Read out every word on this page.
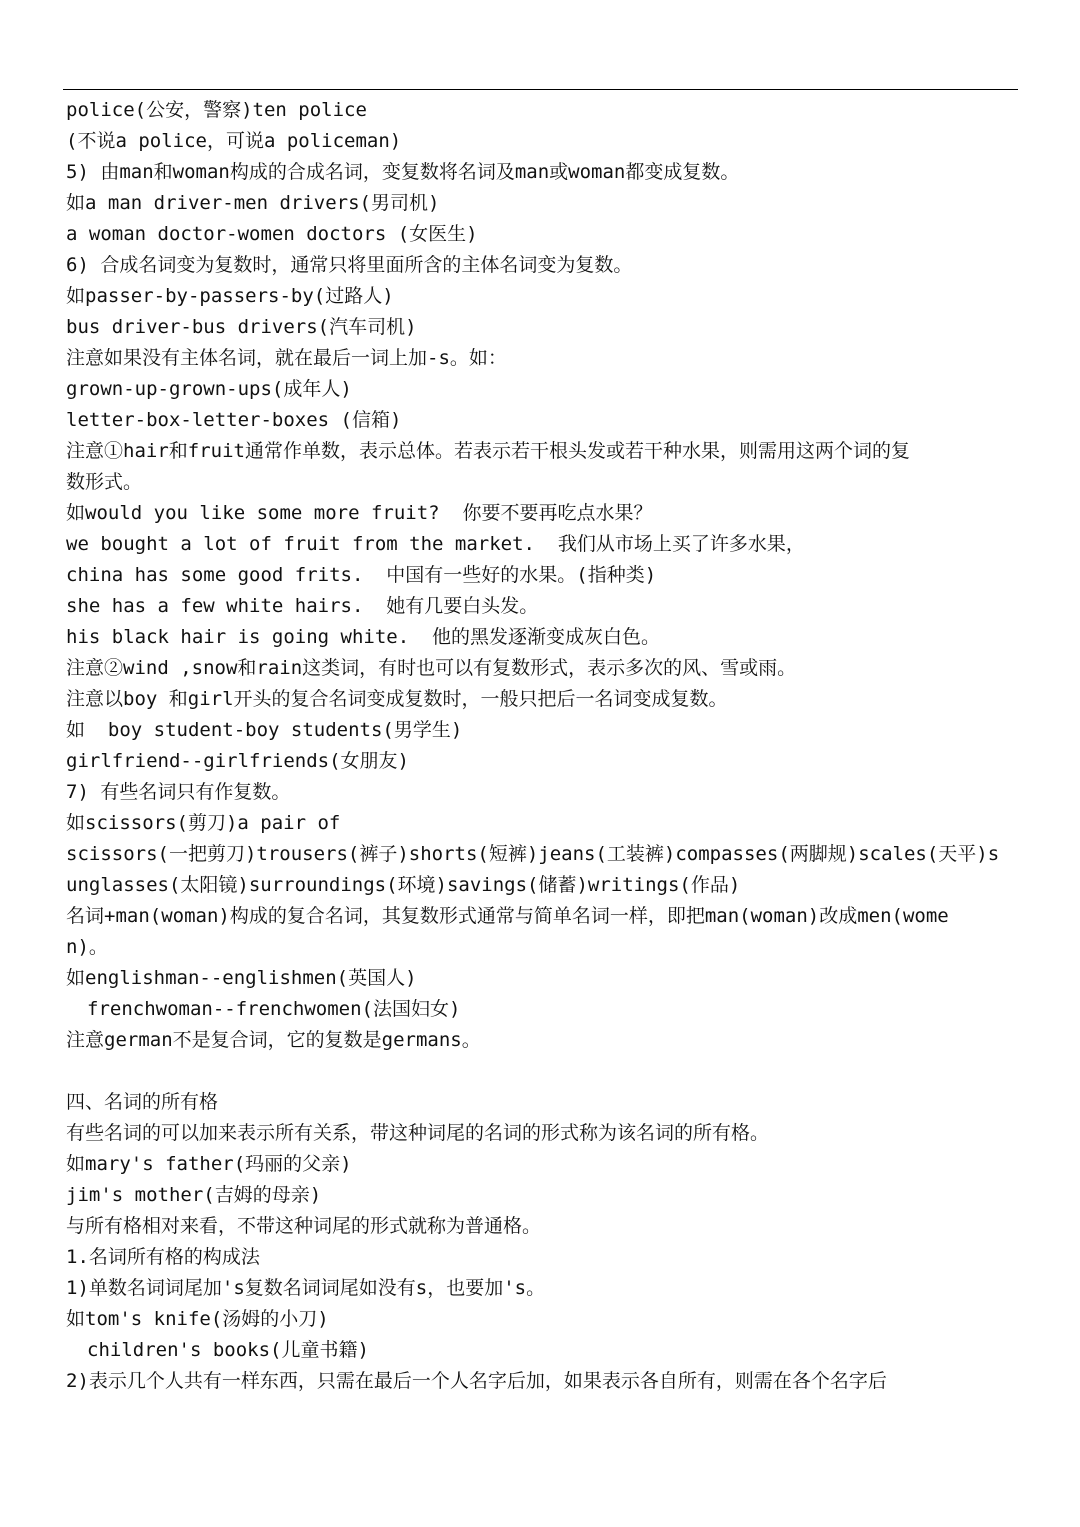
police(公安，警察)ten police
(不说a police，可说a policeman)
5) 由man和woman构成的合成名词，变复数将名词及man或woman都变成复数。
如a man driver-men drivers(男司机)
a woman doctor-women doctors (女医生)
6) 合成名词变为复数时，通常只将里面所含的主体名词变为复数。
如passer-by-passers-by(过路人)
bus driver-bus drivers(汽车司机)
注意如果没有主体名词，就在最后一词上加-s。如：
grown-up-grown-ups(成年人)
letter-box-letter-boxes (信箱)
注意①hair和fruit通常作单数，表示总体。若表示若干根头发或若干种水果，则需用这两个词的复
数形式。
如would you like some more fruit?  你要不要再吃点水果？
we bought a lot of fruit from the market.  我们从市场上买了许多水果，
china has some good frits.  中国有一些好的水果。(指种类)
she has a few white hairs.  她有几要白头发。
his black hair is going white.  他的黑发逐渐变成灰白色。
注意②wind ,snow和rain这类词，有时也可以有复数形式，表示多次的风、雪或雨。
注意以boy 和girl开头的复合名词变成复数时，一般只把后一名词变成复数。
如  boy student-boy students(男学生)
girlfriend--girlfriends(女朋友)
7) 有些名词只有作复数。
如scissors(剪刀)a pair of
scissors(一把剪刀)trousers(裤子)shorts(短裤)jeans(工装裤)compasses(两脚规)scales(天平)s
unglasses(太阳镜)surroundings(环境)savings(储蓄)writings(作品)
名词+man(woman)构成的复合名词，其复数形式通常与简单名词一样，即把man(woman)改成men(wome
n)。
如englishman--englishmen(英国人)
frenchwoman--frenchwomen(法国妇女)
注意german不是复合词，它的复数是germans。
四、名词的所有格
有些名词的可以加来表示所有关系，带这种词尾的名词的形式称为该名词的所有格。
如mary's father(玛丽的父亲)
jim's mother(吉姆的母亲)
与所有格相对来看，不带这种词尾的形式就称为普通格。
1.名词所有格的构成法
1)单数名词词尾加's复数名词词尾如没有s，也要加's。
如tom's knife(汤姆的小刀)
children's books(儿童书籍)
2)表示几个人共有一样东西，只需在最后一个人名字后加，如果表示各自所有，则需在各个名字后
